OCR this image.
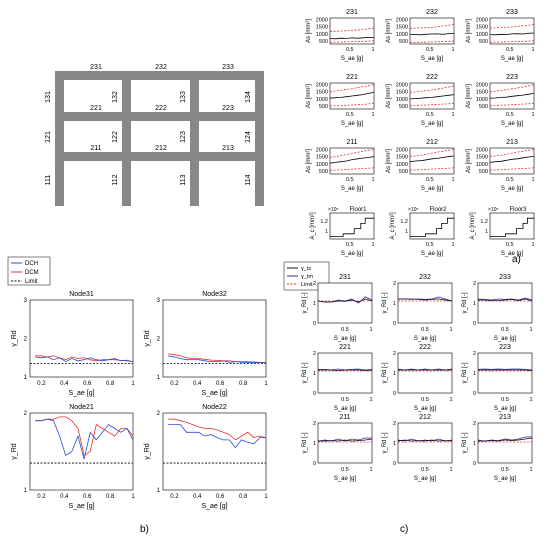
231	232	233
221	222	223
211	212	213
131	132	133	134
121	122	123	124
111	112	113	114
231
2000
1500
1000
500
As [mm²]
0.5	1
S_ae [g]
232
2000
1500
1000
500
As [mm²]
0.5	1
S_ae [g]
233
2000
1500
1000
500
As [mm²]
0.5	1
S_ae [g]
221
2000
1500
1000
500
As [mm²]
0.5	1
S_ae [g]
222
2000
1500
1000
500
As [mm²]
0.5	1
S_ae [g]
223
2000
1500
1000
500
As [mm²]
0.5	1
S_ae [g]
211
2000
1500
1000
500
As [mm²]
0.5	1
S_ae [g]
212
2000
1500
1000
500
As [mm²]
0.5	1
S_ae [g]
213
2000
1500
1000
500
As [mm²]
0.5	1
S_ae [g]
×10⁵ Floor1
1.2
1
A_c [mm²]
0.5	1
S_ae [g]
×10⁵ Floor2
1.2
1
A_c [mm²]
0.5	1
S_ae [g]
×10⁵ Floor3
1.2
1
A_c [mm²]
0.5	1
S_ae [g]
DCH
DCM
Limit
Node31
3
2
1
γ_Rd
0.2 0.4 0.6 0.8	1
S_ae [g]
Node32
3
2
1
γ_Rd
0.2 0.4 0.6 0.8	1
S_ae [g]
Node21
2
1
γ_Rd
0.2 0.4 0.6 0.8	1
S_ae [g]
Node22
2
1
γ_Rd
0.2 0.4 0.6 0.8	1
S_ae [g]
γ_ts
γ_tm
Limit
231
2
1
0
γ_Rd [-]
0.5	1
S_ae [g]
232
2
1
0
γ_Rd [-]
0.5	1
S_ae [g]
233
2
1
0
γ_Rd [-]
0.5	1
S_ae [g]
221
2
1
0
γ_Rd [-]
0.5	1
S_ae [g]
222
2
1
0
γ_Rd [-]
0.5	1
S_ae [g]
223
2
1
0
γ_Rd [-]
0.5	1
S_ae [g]
211
2
1
0
γ_Rd [-]
0.5	1
S_ae [g]
212
2
1
0
γ_Rd [-]
0.5	1
S_ae [g]
213
2
1
0
γ_Rd [-]
0.5	1
S_ae [g]
a)
b)	c)
